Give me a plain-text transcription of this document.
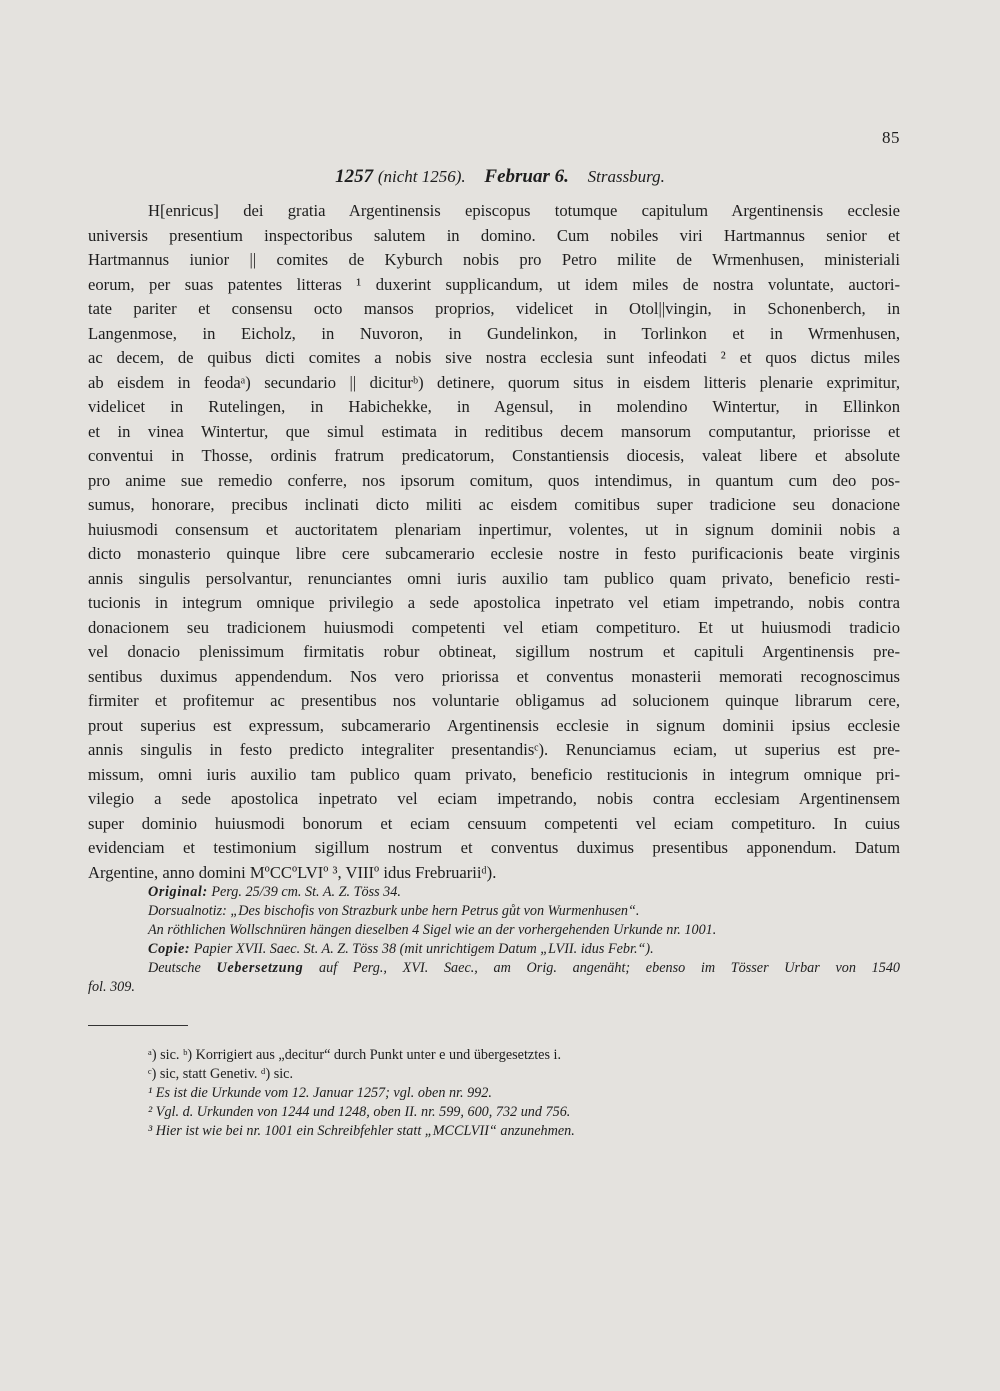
85
1257 (nicht 1256). Februar 6. Strassburg.
H[enricus] dei gratia Argentinensis episcopus totumque capitulum Argentinensis ecclesie
universis presentium inspectoribus salutem in domino. Cum nobiles viri Hartmannus senior et
Hartmannus iunior || comites de Kyburch nobis pro Petro milite de Wrmenhusen, ministeriali
eorum, per suas patentes litteras ¹ duxerint supplicandum, ut idem miles de nostra voluntate, auctori-
tate pariter et consensu octo mansos proprios, videlicet in Otol||vingin, in Schonenberch, in
Langenmose, in Eicholz, in Nuvoron, in Gundelinkon, in Torlinkon et in Wrmenhusen,
ac decem, de quibus dicti comites a nobis sive nostra ecclesia sunt infeodati ² et quos dictus miles
ab eisdem in feodaᵃ) secundario || diciturᵇ) detinere, quorum situs in eisdem litteris plenarie exprimitur,
videlicet in Rutelingen, in Habichekke, in Agensul, in molendino Wintertur, in Ellinkon
et in vinea Wintertur, que simul estimata in reditibus decem mansorum computantur, priorisse et
conventui in Thosse, ordinis fratrum predicatorum, Constantiensis diocesis, valeat libere et absolute
pro anime sue remedio conferre, nos ipsorum comitum, quos intendimus, in quantum cum deo pos-
sumus, honorare, precibus inclinati dicto militi ac eisdem comitibus super tradicione seu donacione
huiusmodi consensum et auctoritatem plenariam inpertimur, volentes, ut in signum dominii nobis a
dicto monasterio quinque libre cere subcamerario ecclesie nostre in festo purificacionis beate virginis
annis singulis persolvantur, renunciantes omni iuris auxilio tam publico quam privato, beneficio resti-
tucionis in integrum omnique privilegio a sede apostolica inpetrato vel etiam impetrando, nobis contra
donacionem seu tradicionem huiusmodi competenti vel etiam competituro. Et ut huiusmodi tradicio
vel donacio plenissimum firmitatis robur obtineat, sigillum nostrum et capituli Argentinensis pre-
sentibus duximus appendendum. Nos vero priorissa et conventus monasterii memorati recognoscimus
firmiter et profitemur ac presentibus nos voluntarie obligamus ad solucionem quinque librarum cere,
prout superius est expressum, subcamerario Argentinensis ecclesie in signum dominii ipsius ecclesie
annis singulis in festo predicto integraliter presentandisᶜ). Renunciamus eciam, ut superius est pre-
missum, omni iuris auxilio tam publico quam privato, beneficio restitucionis in integrum omnique pri-
vilegio a sede apostolica inpetrato vel eciam impetrando, nobis contra ecclesiam Argentinensem
super dominio huiusmodi bonorum et eciam censuum competenti vel eciam competituro. In cuius
evidenciam et testimonium sigillum nostrum et conventus duximus presentibus apponendum. Datum
Argentine, anno domini MºCCºLVIº ³, VIIIº idus Frebruariiᵈ).
Original: Perg. 25/39 cm. St. A. Z. Töss 34.
Dorsualnotiz: „Des bischofis von Strazburk unbe hern Petrus gůt von Wurmenhusen“.
An röthlichen Wollschnüren hängen dieselben 4 Sigel wie an der vorhergehenden Urkunde nr. 1001.
Copie: Papier XVII. Saec. St. A. Z. Töss 38 (mit unrichtigem Datum „LVII. idus Febr.“).
Deutsche Uebersetzung auf Perg., XVI. Saec., am Orig. angenäht; ebenso im Tösser Urbar von 1540
fol. 309.
ᵃ) sic. ᵇ) Korrigiert aus „decitur“ durch Punkt unter e und übergesetztes i.
ᶜ) sic, statt Genetiv. ᵈ) sic.
¹ Es ist die Urkunde vom 12. Januar 1257; vgl. oben nr. 992.
² Vgl. d. Urkunden von 1244 und 1248, oben II. nr. 599, 600, 732 und 756.
³ Hier ist wie bei nr. 1001 ein Schreibfehler statt „MCCLVII“ anzunehmen.
